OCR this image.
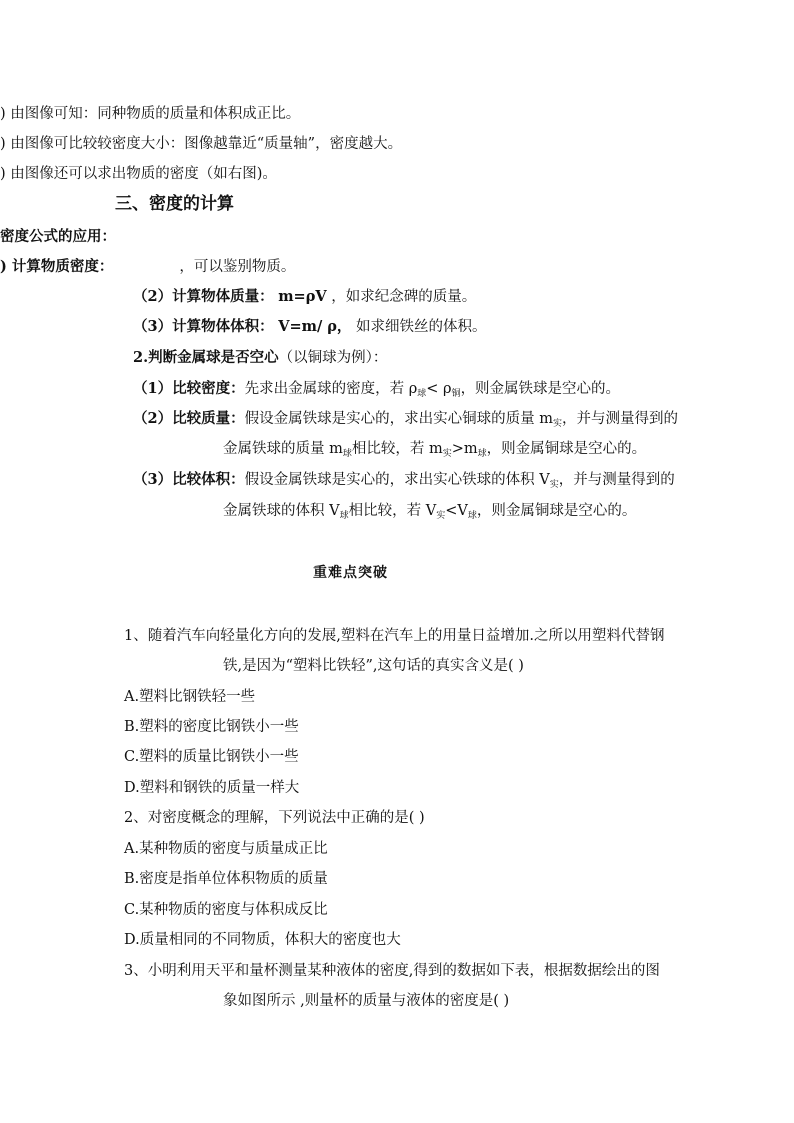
) 由图像可知：同种物质的质量和体积成正比。
) 由图像可比较较密度大小：图像越靠近“质量轴”，密度越大。
) 由图像还可以求出物质的密度（如右图)。
三、密度的计算
密度公式的应用：
) 计算物质密度：	，可以鉴别物质。
（2）计算物体质量： m=ρV ，如求纪念碑的质量。
（3）计算物体体积： V=m/ ρ， 如求细铁丝的体积。
2.判断金属球是否空心（以铜球为例）：
（1）比较密度：先求出金属球的密度，若 $\rho_球< \rho_铜$，则金属铁球是空心的。
（2）比较质量：假设金属铁球是实心的，求出实心铜球的质量 $m_实$，并与测量得到的
金属铁球的质量 $m_球$相比较，若 $m_实>m_球$，则金属铜球是空心的。
（3）比较体积：假设金属铁球是实心的，求出实心铁球的体积 $V_实$，并与测量得到的
金属铁球的体积 $V_球$相比较，若 $V_实<V_球$，则金属铜球是空心的。
重难点突破
1、随着汽车向轻量化方向的发展,塑料在汽车上的用量日益增加.之所以用塑料代替钢
铁,是因为“塑料比铁轻”,这句话的真实含义是( )
A.塑料比钢铁轻一些
B.塑料的密度比钢铁小一些
C.塑料的质量比钢铁小一些
D.塑料和钢铁的质量一样大
2、对密度概念的理解，下列说法中正确的是( )
A.某种物质的密度与质量成正比
B.密度是指单位体积物质的质量
C.某种物质的密度与体积成反比
D.质量相同的不同物质，体积大的密度也大
3、小明利用天平和量杯测量某种液体的密度,得到的数据如下表，根据数据绘出的图
象如图所示 ,则量杯的质量与液体的密度是( )
